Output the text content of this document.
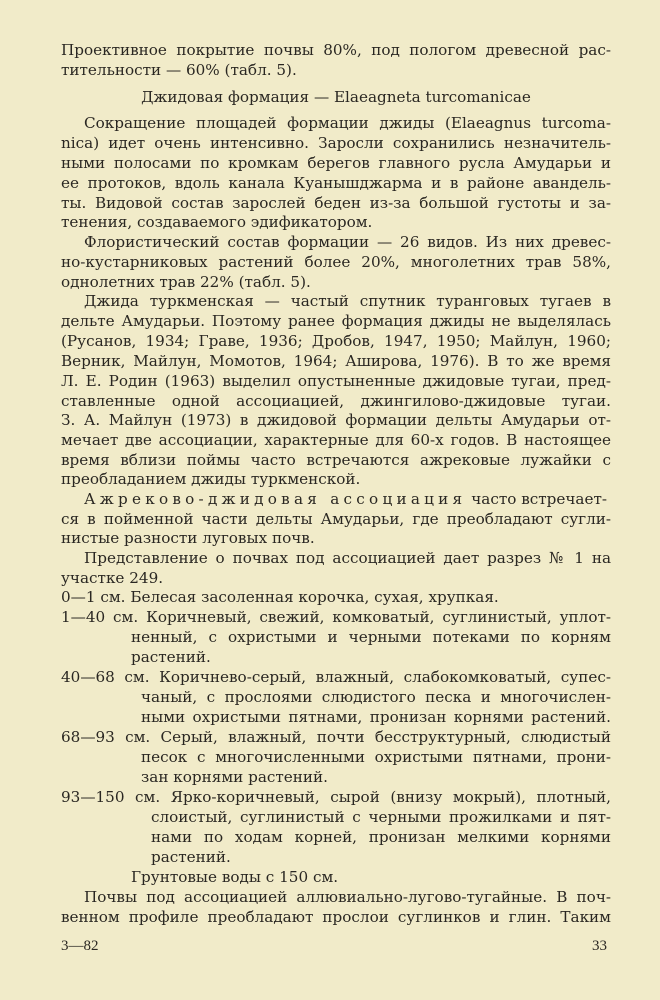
Проективное покрытие почвы 80%, под пологом древесной рас-
тительности — 60% (табл. 5).
Джидовая формация — Elaeagneta turcomanicae
Сокращение площадей формации джиды (Elaeagnus turcoma-
nica) идет очень интенсивно. Заросли сохранились незначитель-
ными полосами по кромкам берегов главного русла Амударьи и
ее протоков, вдоль канала Куанышджарма и в районе авандель-
ты. Видовой состав зарослей беден из-за большой густоты и за-
тенения, создаваемого эдификатором.
Флористический состав формации — 26 видов. Из них древес-
но-кустарниковых растений более 20%, многолетних трав 58%,
однолетних трав 22% (табл. 5).
Джида туркменская — частый спутник туранговых тугаев в
дельте Амударьи. Поэтому ранее формация джиды не выделялась
(Русанов, 1934; Граве, 1936; Дробов, 1947, 1950; Майлун, 1960;
Верник, Майлун, Момотов, 1964; Аширова, 1976). В то же время
Л. Е. Родин (1963) выделил опустыненные джидовые тугаи, пред-
ставленные одной ассоциацией, джингилово-джидовые тугаи.
З. А. Майлун (1973) в джидовой формации дельты Амударьи от-
мечает две ассоциации, характерные для 60-х годов. В настоящее
время вблизи поймы часто встречаются ажрековые лужайки с
преобладанием джиды туркменской.
Ажреково-джидовая ассоциация часто встречает-
ся в пойменной части дельты Амударьи, где преобладают сугли-
нистые разности луговых почв.
Представление о почвах под ассоциацией дает разрез № 1 на
участке 249.
0—1 см. Белесая засоленная корочка, сухая, хрупкая.
1—40 см. Коричневый, свежий, комковатый, суглинистый, уплот-
ненный, с охристыми и черными потеками по корням
растений.
40—68 см. Коричнево-серый, влажный, слабокомковатый, супес-
чаный, с прослоями слюдистого песка и многочислен-
ными охристыми пятнами, пронизан корнями растений.
68—93 см. Серый, влажный, почти бесструктурный, слюдистый
песок с многочисленными охристыми пятнами, прони-
зан корнями растений.
93—150 см. Ярко-коричневый, сырой (внизу мокрый), плотный,
слоистый, суглинистый с черными прожилками и пят-
нами по ходам корней, пронизан мелкими корнями
растений.
Грунтовые воды с 150 см.
Почвы под ассоциацией аллювиально-лугово-тугайные. В поч-
венном профиле преобладают прослои суглинков и глин. Таким
3—82	33
